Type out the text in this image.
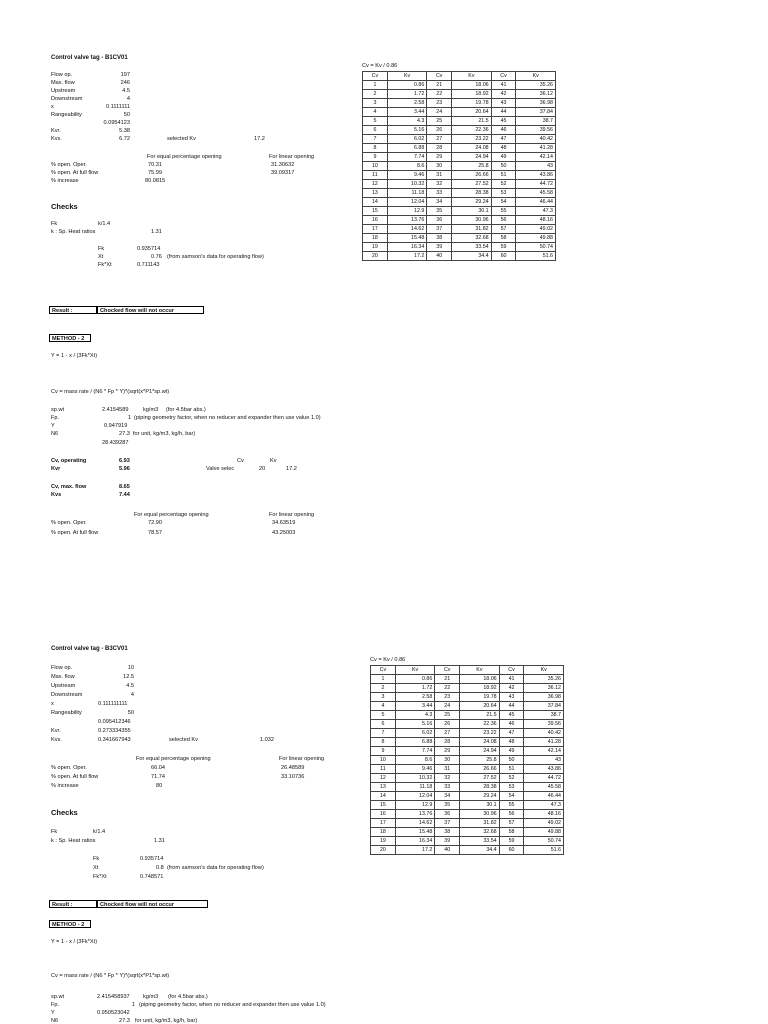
Control valve tag - B1CV01
Flow op.	197
Max. flow	246
Upstream	4.5
Downstream	4
x	0.1111111
Rangeability	50
0.0954123
Kvr.	5.38
Kvs.	6.72	selected Kv	17.2
For equal percentage opening	For linear opening
% open. Oper.	70.31	31.30632
% open. At full flow	75.99	39.09317
% increase	80.0815
Checks
Fk	k/1.4
k : Sp. Heat ratios	1.31
Fk	0.935714
Xt	0.76 (from samson's data for operating flow)
Fk*Xt	0.711143
Result :	Chocked flow will not occur
METHOD - 2
Y = 1 - x / (3Fk*Xt)
Cv = mass rate / (N6 * Fp * Y)*(sqrt(x*P1*sp.wt)
sp.wt	2.4154589	kg/m3 (for 4.5bar abs.)
Fp.	1 (piping geometry factor, when no reducer and expander then use value 1.0)
Y	0.947919
N6	27.3 for unit, kg/m3, kg/h, bar)
28.439287
Cv, operating	6.93	Cv	Kv
Kvr	5.96	Valve selec	20	17.2
Cv, max. flow	8.65
Kvs	7.44
For equal percentage opening	For linear opening
% open. Oper.	72.90	34.63519
% open. At full flow	78.57	43.25003
Cv = Kv / 0.86
Cv	Kv	Cv	Kv	Cv	Kv
1	0.86	21	18.06	41	35.26
2	1.72	22	18.92	42	36.12
3	2.58	23	19.78	43	36.98
4	3.44	24	20.64	44	37.84
5	4.3	25	21.5	45	38.7
6	5.16	26	22.36	46	39.56
7	6.02	27	23.22	47	40.42
8	6.88	28	24.08	48	41.28
9	7.74	29	24.94	49	42.14
10	8.6	30	25.8	50	43
11	9.46	31	26.66	51	43.86
12	10.32	32	27.52	52	44.72
13	11.18	33	28.38	53	45.58
14	12.04	34	29.24	54	46.44
15	12.9	35	30.1	55	47.3
16	13.76	36	30.96	56	48.16
17	14.62	37	31.82	57	49.02
18	15.48	38	32.68	58	49.88
19	16.34	39	33.54	59	50.74
20	17.2	40	34.4	60	51.6
Control valve tag - B3CV01
Flow op.	10
Max. flow	12.5
Upstream	4.5
Downstream	4
x	0.111111111
Rangeability	50
0.095412346
Kvr.	0.273334355
Kvs.	0.341667943	selected Kv	1.032
For equal percentage opening	For linear opening
% open. Oper.	66.04	26.48589
% open. At full flow	71.74	33.10736
% increase	80
Checks
Fk	k/1.4
k : Sp. Heat ratios	1.31
Fk	0.935714
Xt	0.8 (from samson's data for operating flow)
Fk*Xt	0.748571
Result :	Chocked flow will not occur
METHOD - 2
Y = 1 - x / (3Fk*Xt)
Cv = mass rate / (N6 * Fp * Y)*(sqrt(x*P1*sp.wt)
sp.wt	2.415458937 kg/m3 (for 4.5bar abs.)
Fp.	1 (piping geometry factor, when no reducer and expander then use value 1.0)
Y	0.950523042
N6	27.3 for unit, kg/m3, kg/h, bar)
Cv = Kv / 0.86
Cv	Kv	Cv	Kv	Cv	Kv
1	0.86	21	18.06	41	35.26
2	1.72	22	18.92	42	36.12
3	2.58	23	19.78	43	36.98
4	3.44	24	20.64	44	37.84
5	4.3	25	21.5	45	38.7
6	5.16	26	22.36	46	39.56
7	6.02	27	23.22	47	40.42
8	6.88	28	24.08	48	41.28
9	7.74	29	24.94	49	42.14
10	8.6	30	25.8	50	43
11	9.46	31	26.66	51	43.86
12	10.32	32	27.52	52	44.72
13	11.18	33	28.38	53	45.58
14	12.04	34	29.24	54	46.44
15	12.9	35	30.1	55	47.3
16	13.76	36	30.96	56	48.16
17	14.62	37	31.82	57	49.02
18	15.48	38	32.68	58	49.88
19	16.34	39	33.54	59	50.74
20	17.2	40	34.4	60	51.6
